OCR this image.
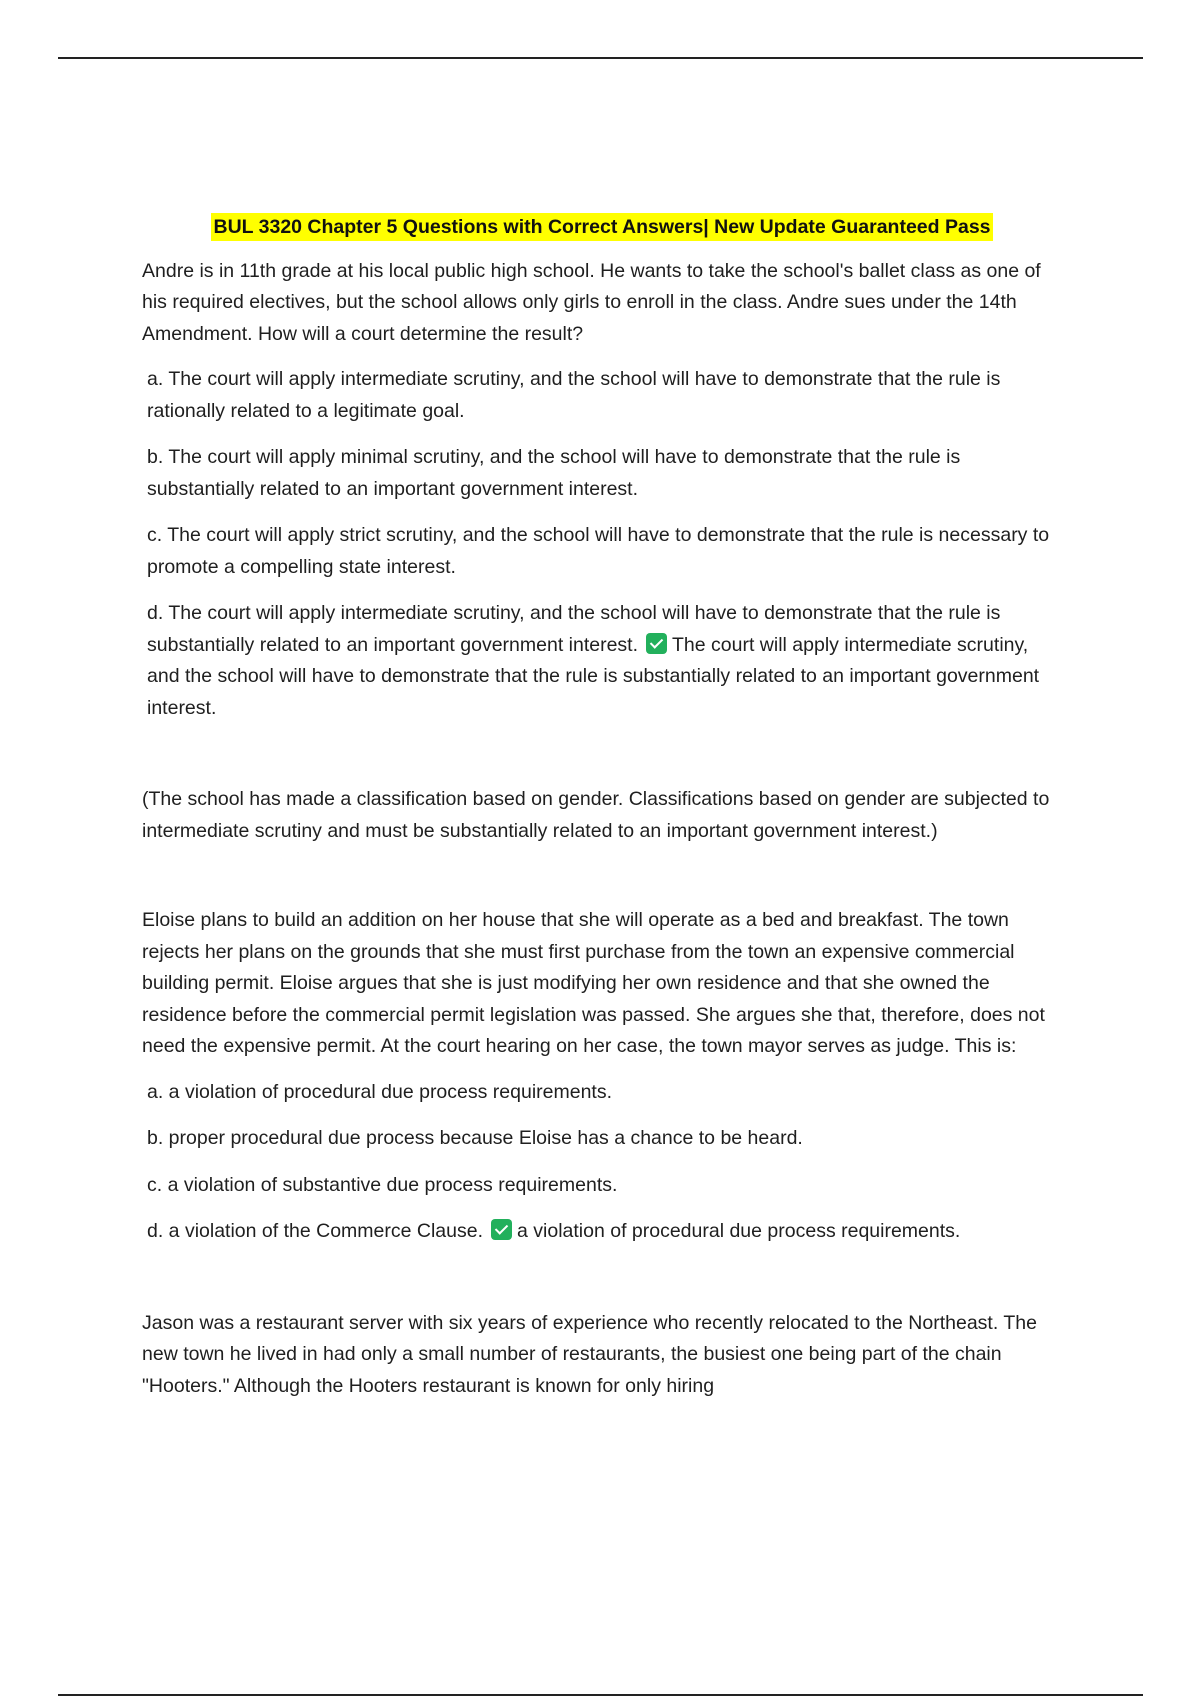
BUL 3320 Chapter 5 Questions with Correct Answers| New Update Guaranteed Pass

Andre is in 11th grade at his local public high school. He wants to take the school's ballet class as one of his required electives, but the school allows only girls to enroll in the class. Andre sues under the 14th Amendment. How will a court determine the result?

a. The court will apply intermediate scrutiny, and the school will have to demonstrate that the rule is rationally related to a legitimate goal.

b. The court will apply minimal scrutiny, and the school will have to demonstrate that the rule is substantially related to an important government interest.

c. The court will apply strict scrutiny, and the school will have to demonstrate that the rule is necessary to promote a compelling state interest.

d. The court will apply intermediate scrutiny, and the school will have to demonstrate that the rule is substantially related to an important government interest. The court will apply intermediate scrutiny, and the school will have to demonstrate that the rule is substantially related to an important government interest.

(The school has made a classification based on gender. Classifications based on gender are subjected to intermediate scrutiny and must be substantially related to an important government interest.)

Eloise plans to build an addition on her house that she will operate as a bed and breakfast. The town rejects her plans on the grounds that she must first purchase from the town an expensive commercial building permit. Eloise argues that she is just modifying her own residence and that she owned the residence before the commercial permit legislation was passed. She argues she that, therefore, does not need the expensive permit. At the court hearing on her case, the town mayor serves as judge. This is:

a. a violation of procedural due process requirements.

b. proper procedural due process because Eloise has a chance to be heard.

c. a violation of substantive due process requirements.

d. a violation of the Commerce Clause. a violation of procedural due process requirements.

Jason was a restaurant server with six years of experience who recently relocated to the Northeast. The new town he lived in had only a small number of restaurants, the busiest one being part of the chain "Hooters." Although the Hooters restaurant is known for only hiring
